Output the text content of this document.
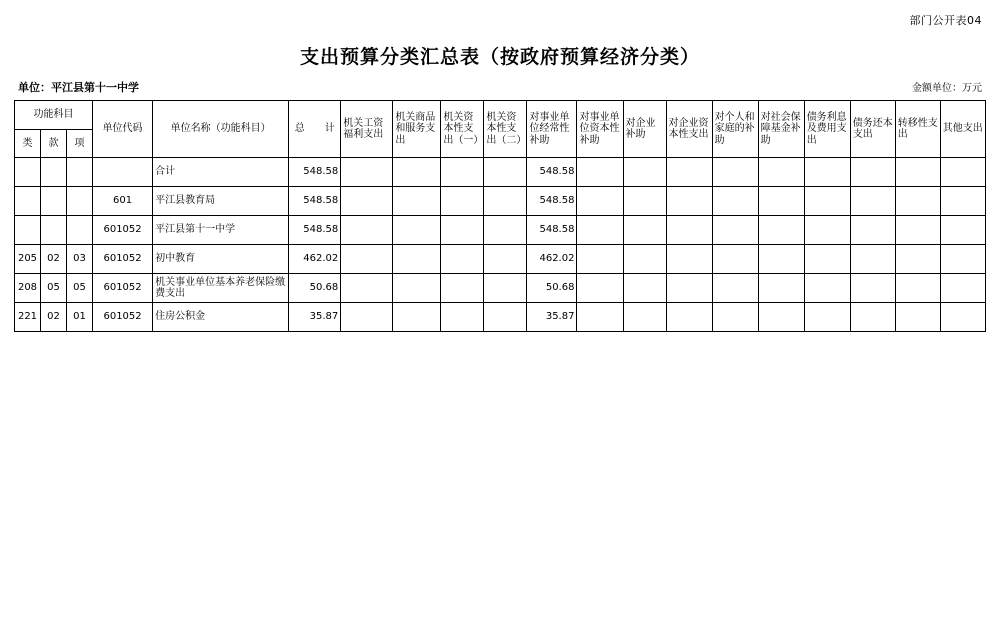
部门公开表04
支出预算分类汇总表（按政府预算经济分类）
单位：平江县第十一中学	金额单位：万元
功能科目			单位代码	单位名称（功能科目）	总　　计	机关工资福利支出	机关商品和服务支出	机关资本性支出（一）	机关资本性支出（二）	对事业单位经常性补助	对事业单位资本性补助	对企业补助	对企业资本性支出	对个人和家庭的补助	对社会保障基金补助	债务利息及费用支出	债务还本支出	转移性支出	其他支出
类	款	项																	
				合计	548.58					548.58									
			601	平江县教育局	548.58					548.58									
			601052	平江县第十一中学	548.58					548.58									
205	02	03	601052	初中教育	462.02					462.02									
208	05	05	601052	机关事业单位基本养老保险缴费支出	50.68					50.68									
221	02	01	601052	住房公积金	35.87					35.87									
